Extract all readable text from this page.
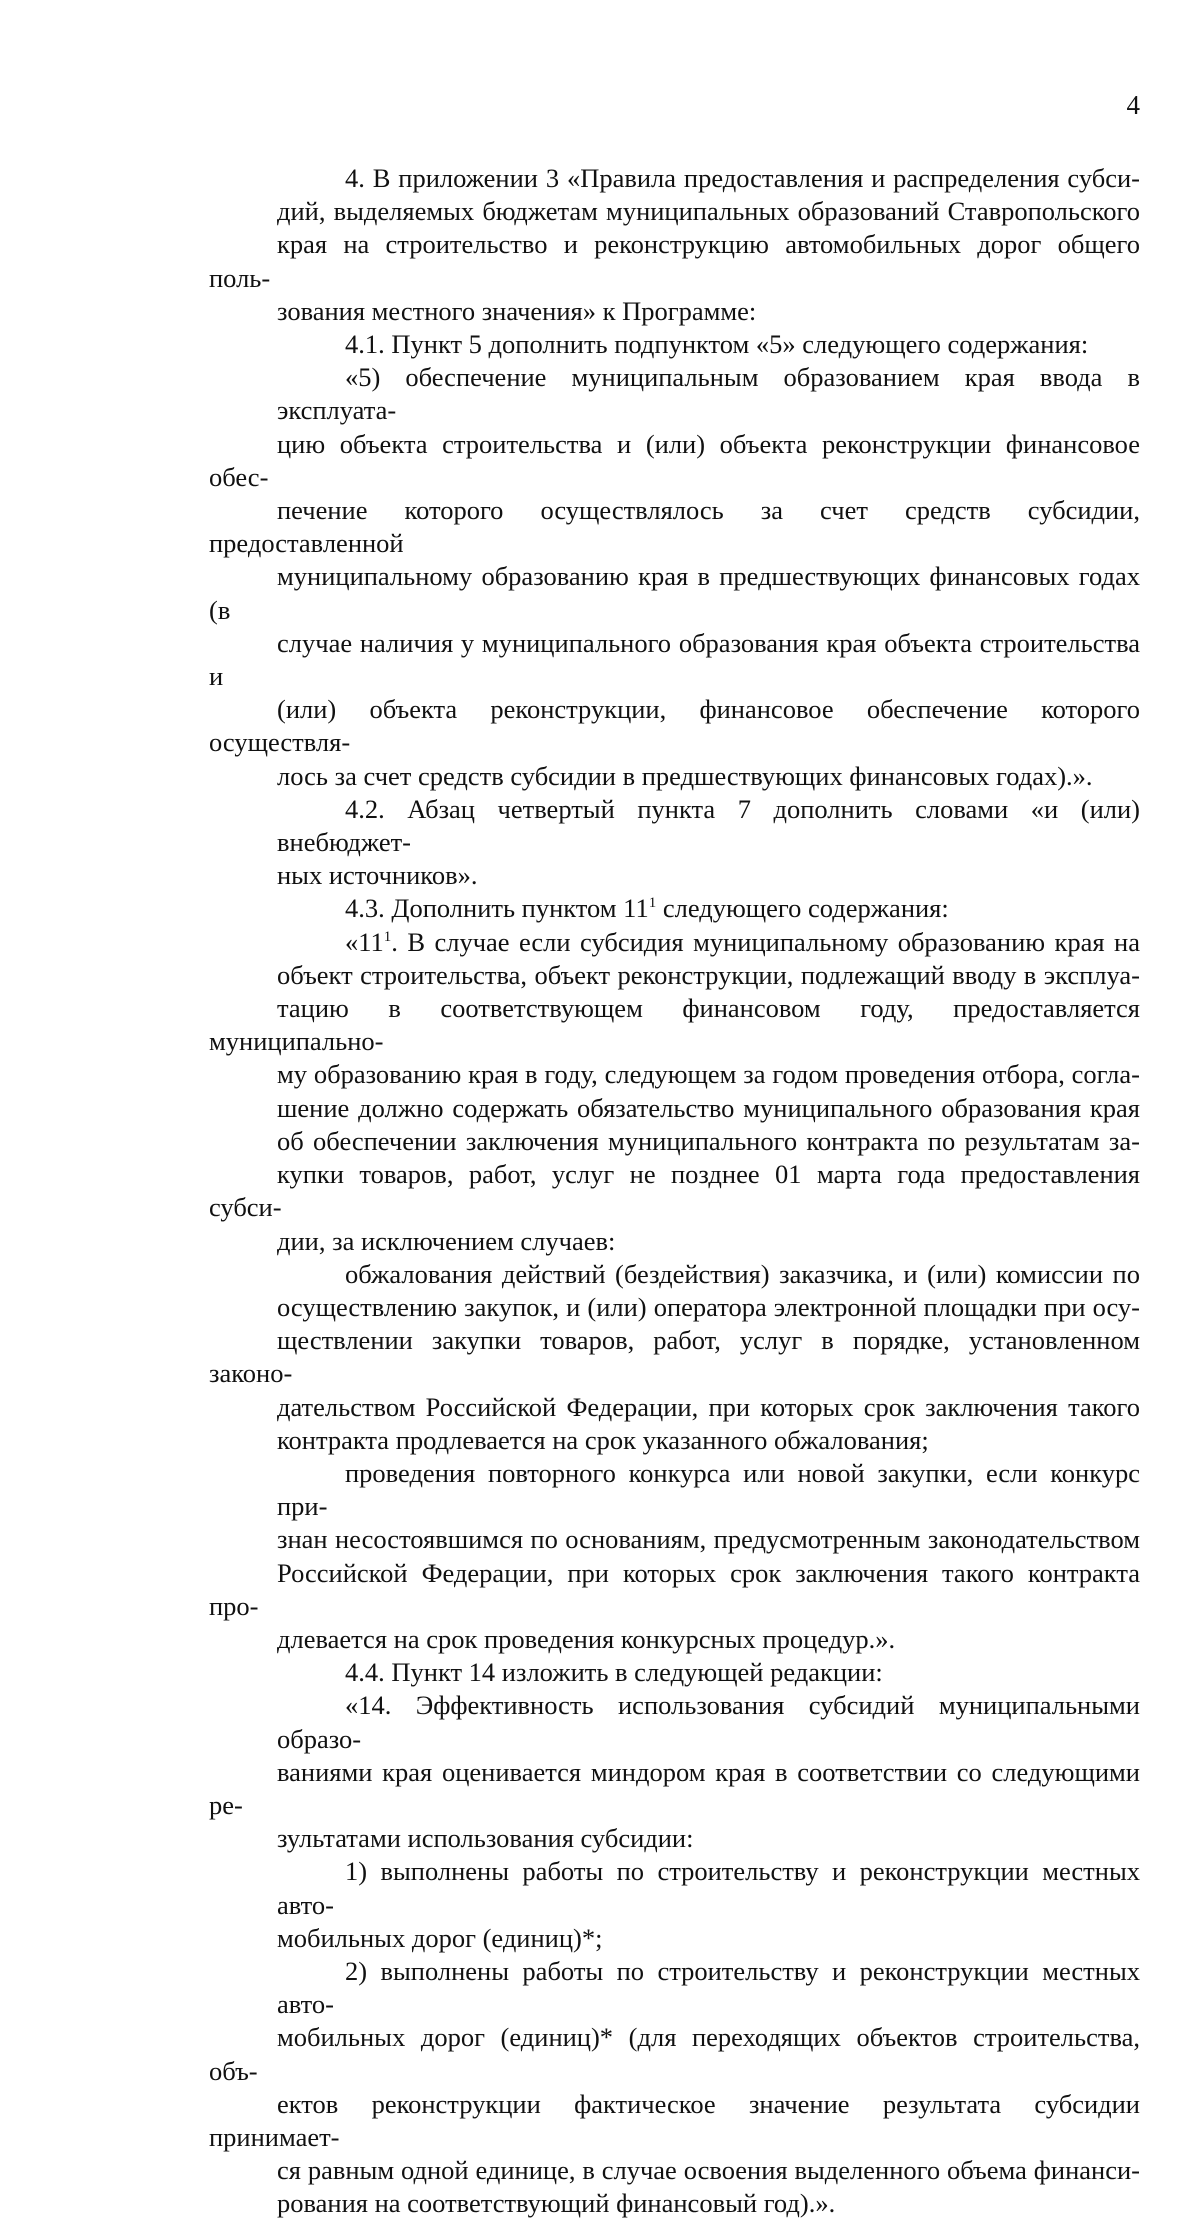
4
4. В приложении 3 «Правила предоставления и распределения субси-
дий, выделяемых бюджетам муниципальных образований Ставропольского
края на строительство и реконструкцию автомобильных дорог общего поль-
зования местного значения» к Программе:
4.1. Пункт 5 дополнить подпунктом «5» следующего содержания:
«5) обеспечение муниципальным образованием края ввода в эксплуата-
цию объекта строительства и (или) объекта реконструкции финансовое обес-
печение которого осуществлялось за счет средств субсидии, предоставленной
муниципальному образованию края в предшествующих финансовых годах (в
случае наличия у муниципального образования края объекта строительства и
(или) объекта реконструкции, финансовое обеспечение которого осуществля-
лось за счет средств субсидии в предшествующих финансовых годах).».
4.2. Абзац четвертый пункта 7 дополнить словами «и (или) внебюджет-
ных источников».
4.3. Дополнить пунктом $11^1$ следующего содержания:
«$11^1$. В случае если субсидия муниципальному образованию края на
объект строительства, объект реконструкции, подлежащий вводу в эксплуа-
тацию в соответствующем финансовом году, предоставляется муниципально-
му образованию края в году, следующем за годом проведения отбора, согла-
шение должно содержать обязательство муниципального образования края
об обеспечении заключения муниципального контракта по результатам за-
купки товаров, работ, услуг не позднее 01 марта года предоставления субси-
дии, за исключением случаев:
обжалования действий (бездействия) заказчика, и (или) комиссии по
осуществлению закупок, и (или) оператора электронной площадки при осу-
ществлении закупки товаров, работ, услуг в порядке, установленном законо-
дательством Российской Федерации, при которых срок заключения такого
контракта продлевается на срок указанного обжалования;
проведения повторного конкурса или новой закупки, если конкурс при-
знан несостоявшимся по основаниям, предусмотренным законодательством
Российской Федерации, при которых срок заключения такого контракта про-
длевается на срок проведения конкурсных процедур.».
4.4. Пункт 14 изложить в следующей редакции:
«14. Эффективность использования субсидий муниципальными образо-
ваниями края оценивается миндором края в соответствии со следующими ре-
зультатами использования субсидии:
1) выполнены работы по строительству и реконструкции местных авто-
мобильных дорог (единиц)*;
2) выполнены работы по строительству и реконструкции местных авто-
мобильных дорог (единиц)* (для переходящих объектов строительства, объ-
ектов реконструкции фактическое значение результата субсидии принимает-
ся равным одной единице, в случае освоения выделенного объема финанси-
рования на соответствующий финансовый год).».
